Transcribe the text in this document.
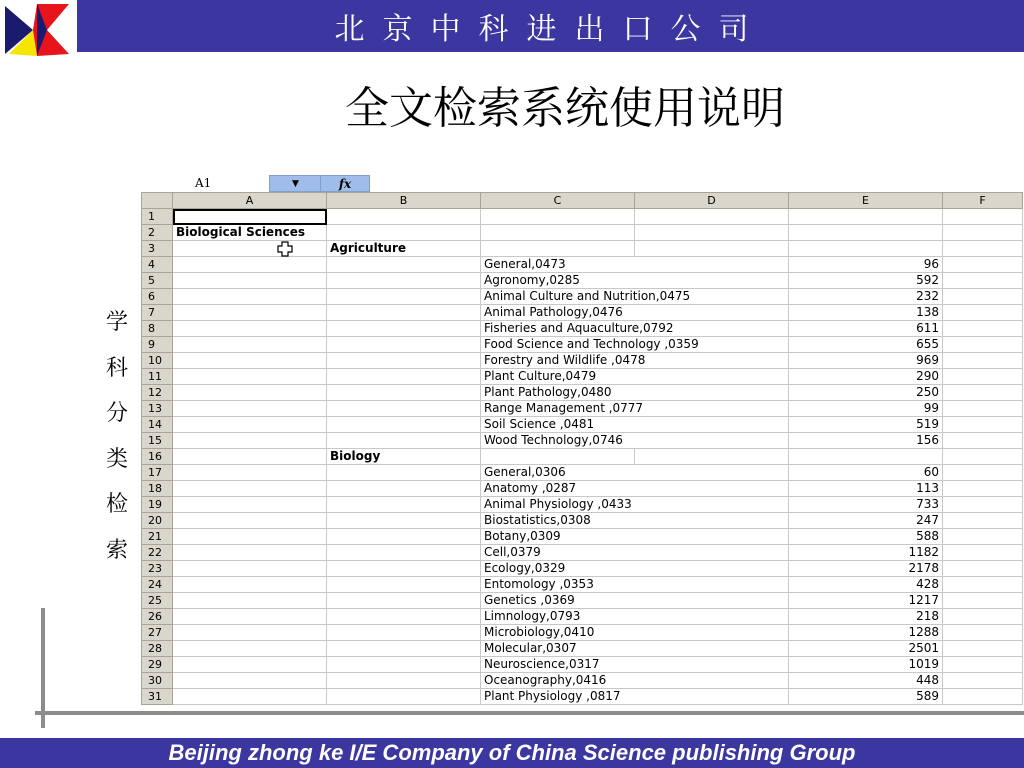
北京中科进出口公司
全文检索系统使用说明
学
科
分
类
检
索
A1	▼	fx
	A	B	C	D	E	F
1						
2	Biological Sciences					
3		Agriculture				
4			General,0473		96	
5			Agronomy,0285		592	
6			Animal Culture and Nutrition,0475		232	
7			Animal Pathology,0476		138	
8			Fisheries and Aquaculture,0792		611	
9			Food Science and Technology ,0359		655	
10			Forestry and Wildlife ,0478		969	
11			Plant Culture,0479		290	
12			Plant Pathology,0480		250	
13			Range Management ,0777		99	
14			Soil Science ,0481		519	
15			Wood Technology,0746		156	
16		Biology				
17			General,0306		60	
18			Anatomy ,0287		113	
19			Animal Physiology ,0433		733	
20			Biostatistics,0308		247	
21			Botany,0309		588	
22			Cell,0379		1182	
23			Ecology,0329		2178	
24			Entomology ,0353		428	
25			Genetics ,0369		1217	
26			Limnology,0793		218	
27			Microbiology,0410		1288	
28			Molecular,0307		2501	
29			Neuroscience,0317		1019	
30			Oceanography,0416		448	
31			Plant Physiology ,0817		589	
Beijing zhong ke I/E Company of China Science publishing Group
